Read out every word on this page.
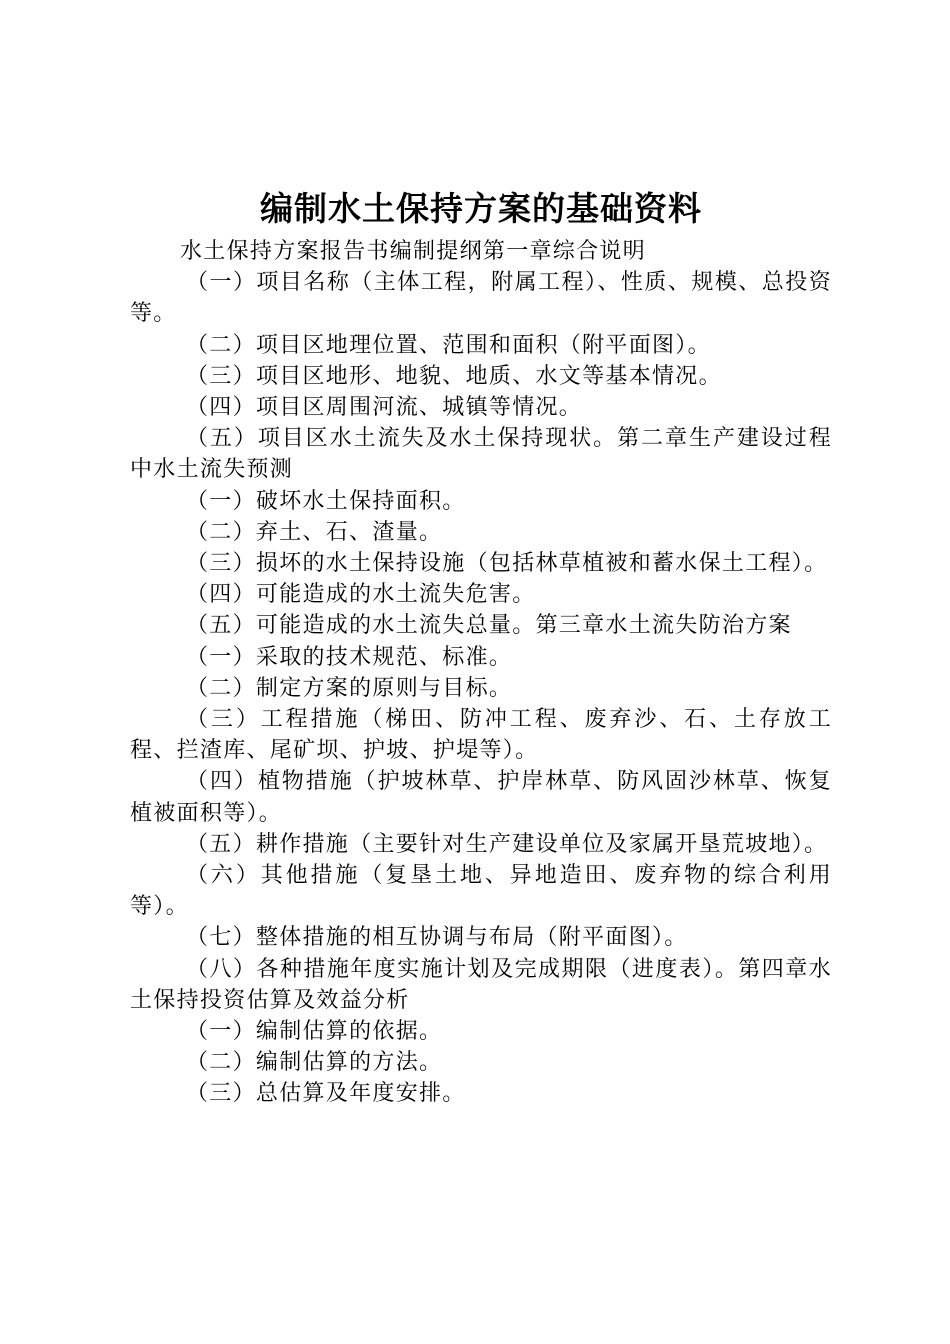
编制水土保持方案的基础资料

水土保持方案报告书编制提纲第一章综合说明

（一）项目名称（主体工程，附属工程）、性质、规模、总投资等。

（二）项目区地理位置、范围和面积（附平面图）。

（三）项目区地形、地貌、地质、水文等基本情况。

（四）项目区周围河流、城镇等情况。

（五）项目区水土流失及水土保持现状。第二章生产建设过程中水土流失预测

（一）破坏水土保持面积。

（二）弃土、石、渣量。

（三）损坏的水土保持设施（包括林草植被和蓄水保土工程）。

（四）可能造成的水土流失危害。

（五）可能造成的水土流失总量。第三章水土流失防治方案

（一）采取的技术规范、标准。

（二）制定方案的原则与目标。

（三）工程措施（梯田、防冲工程、废弃沙、石、土存放工程、拦渣库、尾矿坝、护坡、护堤等）。

（四）植物措施（护坡林草、护岸林草、防风固沙林草、恢复植被面积等）。

（五）耕作措施（主要针对生产建设单位及家属开垦荒坡地）。

（六）其他措施（复垦土地、异地造田、废弃物的综合利用等）。

（七）整体措施的相互协调与布局（附平面图）。

（八）各种措施年度实施计划及完成期限（进度表）。第四章水土保持投资估算及效益分析

（一）编制估算的依据。

（二）编制估算的方法。

（三）总估算及年度安排。
